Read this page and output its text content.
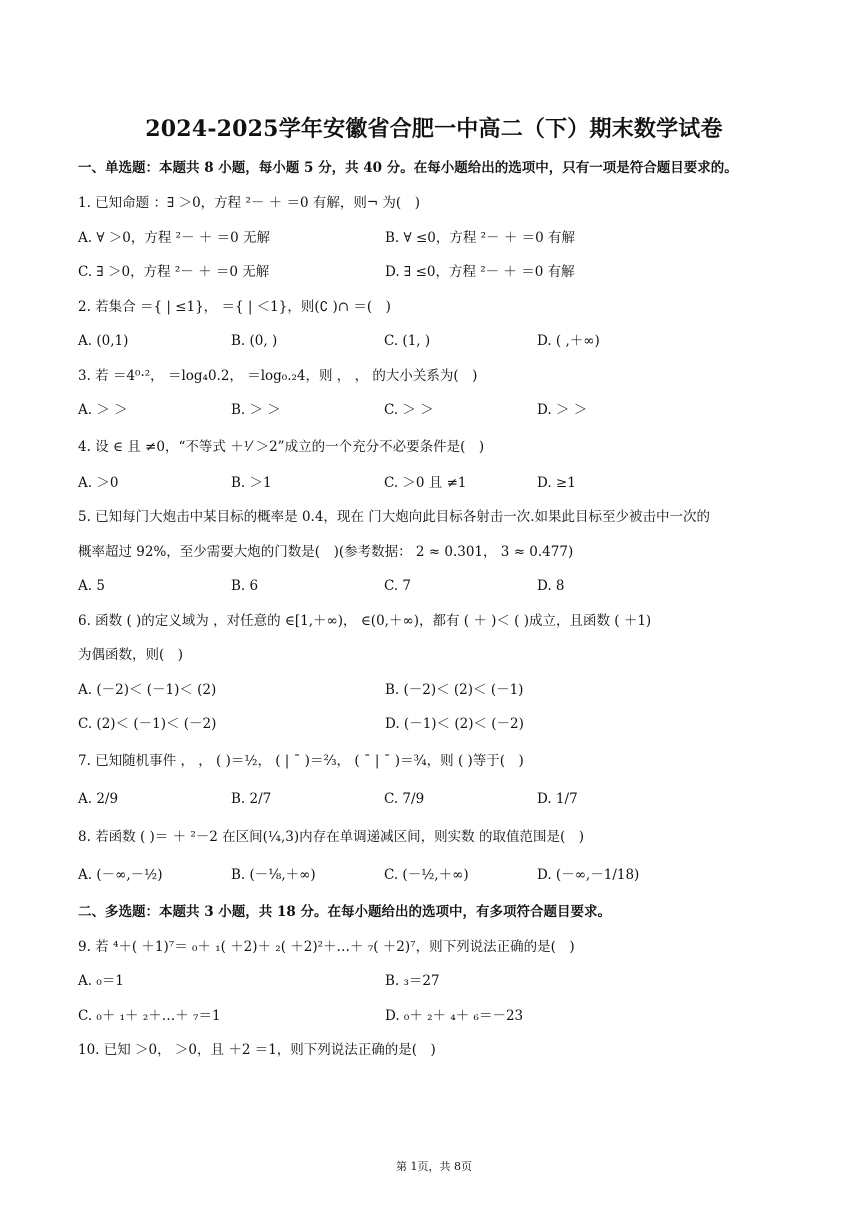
2024-2025学年安徽省合肥一中高二（下）期末数学试卷
一、单选题：本题共 8 小题，每小题 5 分，共 40 分。在每小题给出的选项中，只有一项是符合题目要求的。
1. 已知命题 ：∃ ＞0，方程 ²－ ＋ ＝0 有解，则¬ 为(　)
A. ∀ ＞0，方程 ²－ ＋ ＝0 无解	B. ∀ ≤0，方程 ²－ ＋ ＝0 有解
C. ∃ ＞0，方程 ²－ ＋ ＝0 无解	D. ∃ ≤0，方程 ²－ ＋ ＝0 有解
2. 若集合 ＝{ | ≤1}， ＝{ | ＜1}，则(∁ )∩ ＝(　)
A. (0,1)	B. (0, )	C. (1, )	D. ( ,＋∞)
3. 若 ＝4⁰·²， ＝log₄0.2， ＝log₀.₂4，则 ， ， 的大小关系为(　)
A. ＞ ＞	B. ＞ ＞	C. ＞ ＞	D. ＞ ＞
4. 设 ∈ 且 ≠0，“不等式 ＋¹⁄ ＞2”成立的一个充分不必要条件是(　)
A. ＞0	B. ＞1	C. ＞0 且 ≠1	D. ≥1
5. 已知每门大炮击中某目标的概率是 0.4，现在 门大炮向此目标各射击一次.如果此目标至少被击中一次的
概率超过 92%，至少需要大炮的门数是(　)(参考数据： 2 ≈ 0.301， 3 ≈ 0.477)
A. 5	B. 6	C. 7	D. 8
6. 函数 ( )的定义域为 ，对任意的 ∈[1,＋∞)， ∈(0,＋∞)，都有 ( ＋ )＜ ( )成立，且函数 ( ＋1)
为偶函数，则(　)
A. (－2)＜ (－1)＜ (2)	B. (－2)＜ (2)＜ (－1)
C. (2)＜ (－1)＜ (－2)	D. (－1)＜ (2)＜ (－2)
7. 已知随机事件 ， ， ( )＝½， ( | ¯ )＝⅔， ( ¯ | ¯ )＝¾，则 ( )等于(　)
A. 2/9	B. 2/7	C. 7/9	D. 1/7
8. 若函数 ( )＝ ＋ ²－2 在区间(¼,3)内存在单调递减区间，则实数 的取值范围是(　)
A. (－∞,－½)	B. (－⅛,＋∞)	C. (－½,＋∞)	D. (－∞,－1/18)
二、多选题：本题共 3 小题，共 18 分。在每小题给出的选项中，有多项符合题目要求。
9. 若 ⁴＋( ＋1)⁷＝ ₀＋ ₁( ＋2)＋ ₂( ＋2)²＋…＋ ₇( ＋2)⁷，则下列说法正确的是(　)
A. ₀＝1	B. ₃＝27
C. ₀＋ ₁＋ ₂＋…＋ ₇＝1	D. ₀＋ ₂＋ ₄＋ ₆＝－23
10. 已知 ＞0， ＞0，且 ＋2 ＝1，则下列说法正确的是(　)
第 1页，共 8页
